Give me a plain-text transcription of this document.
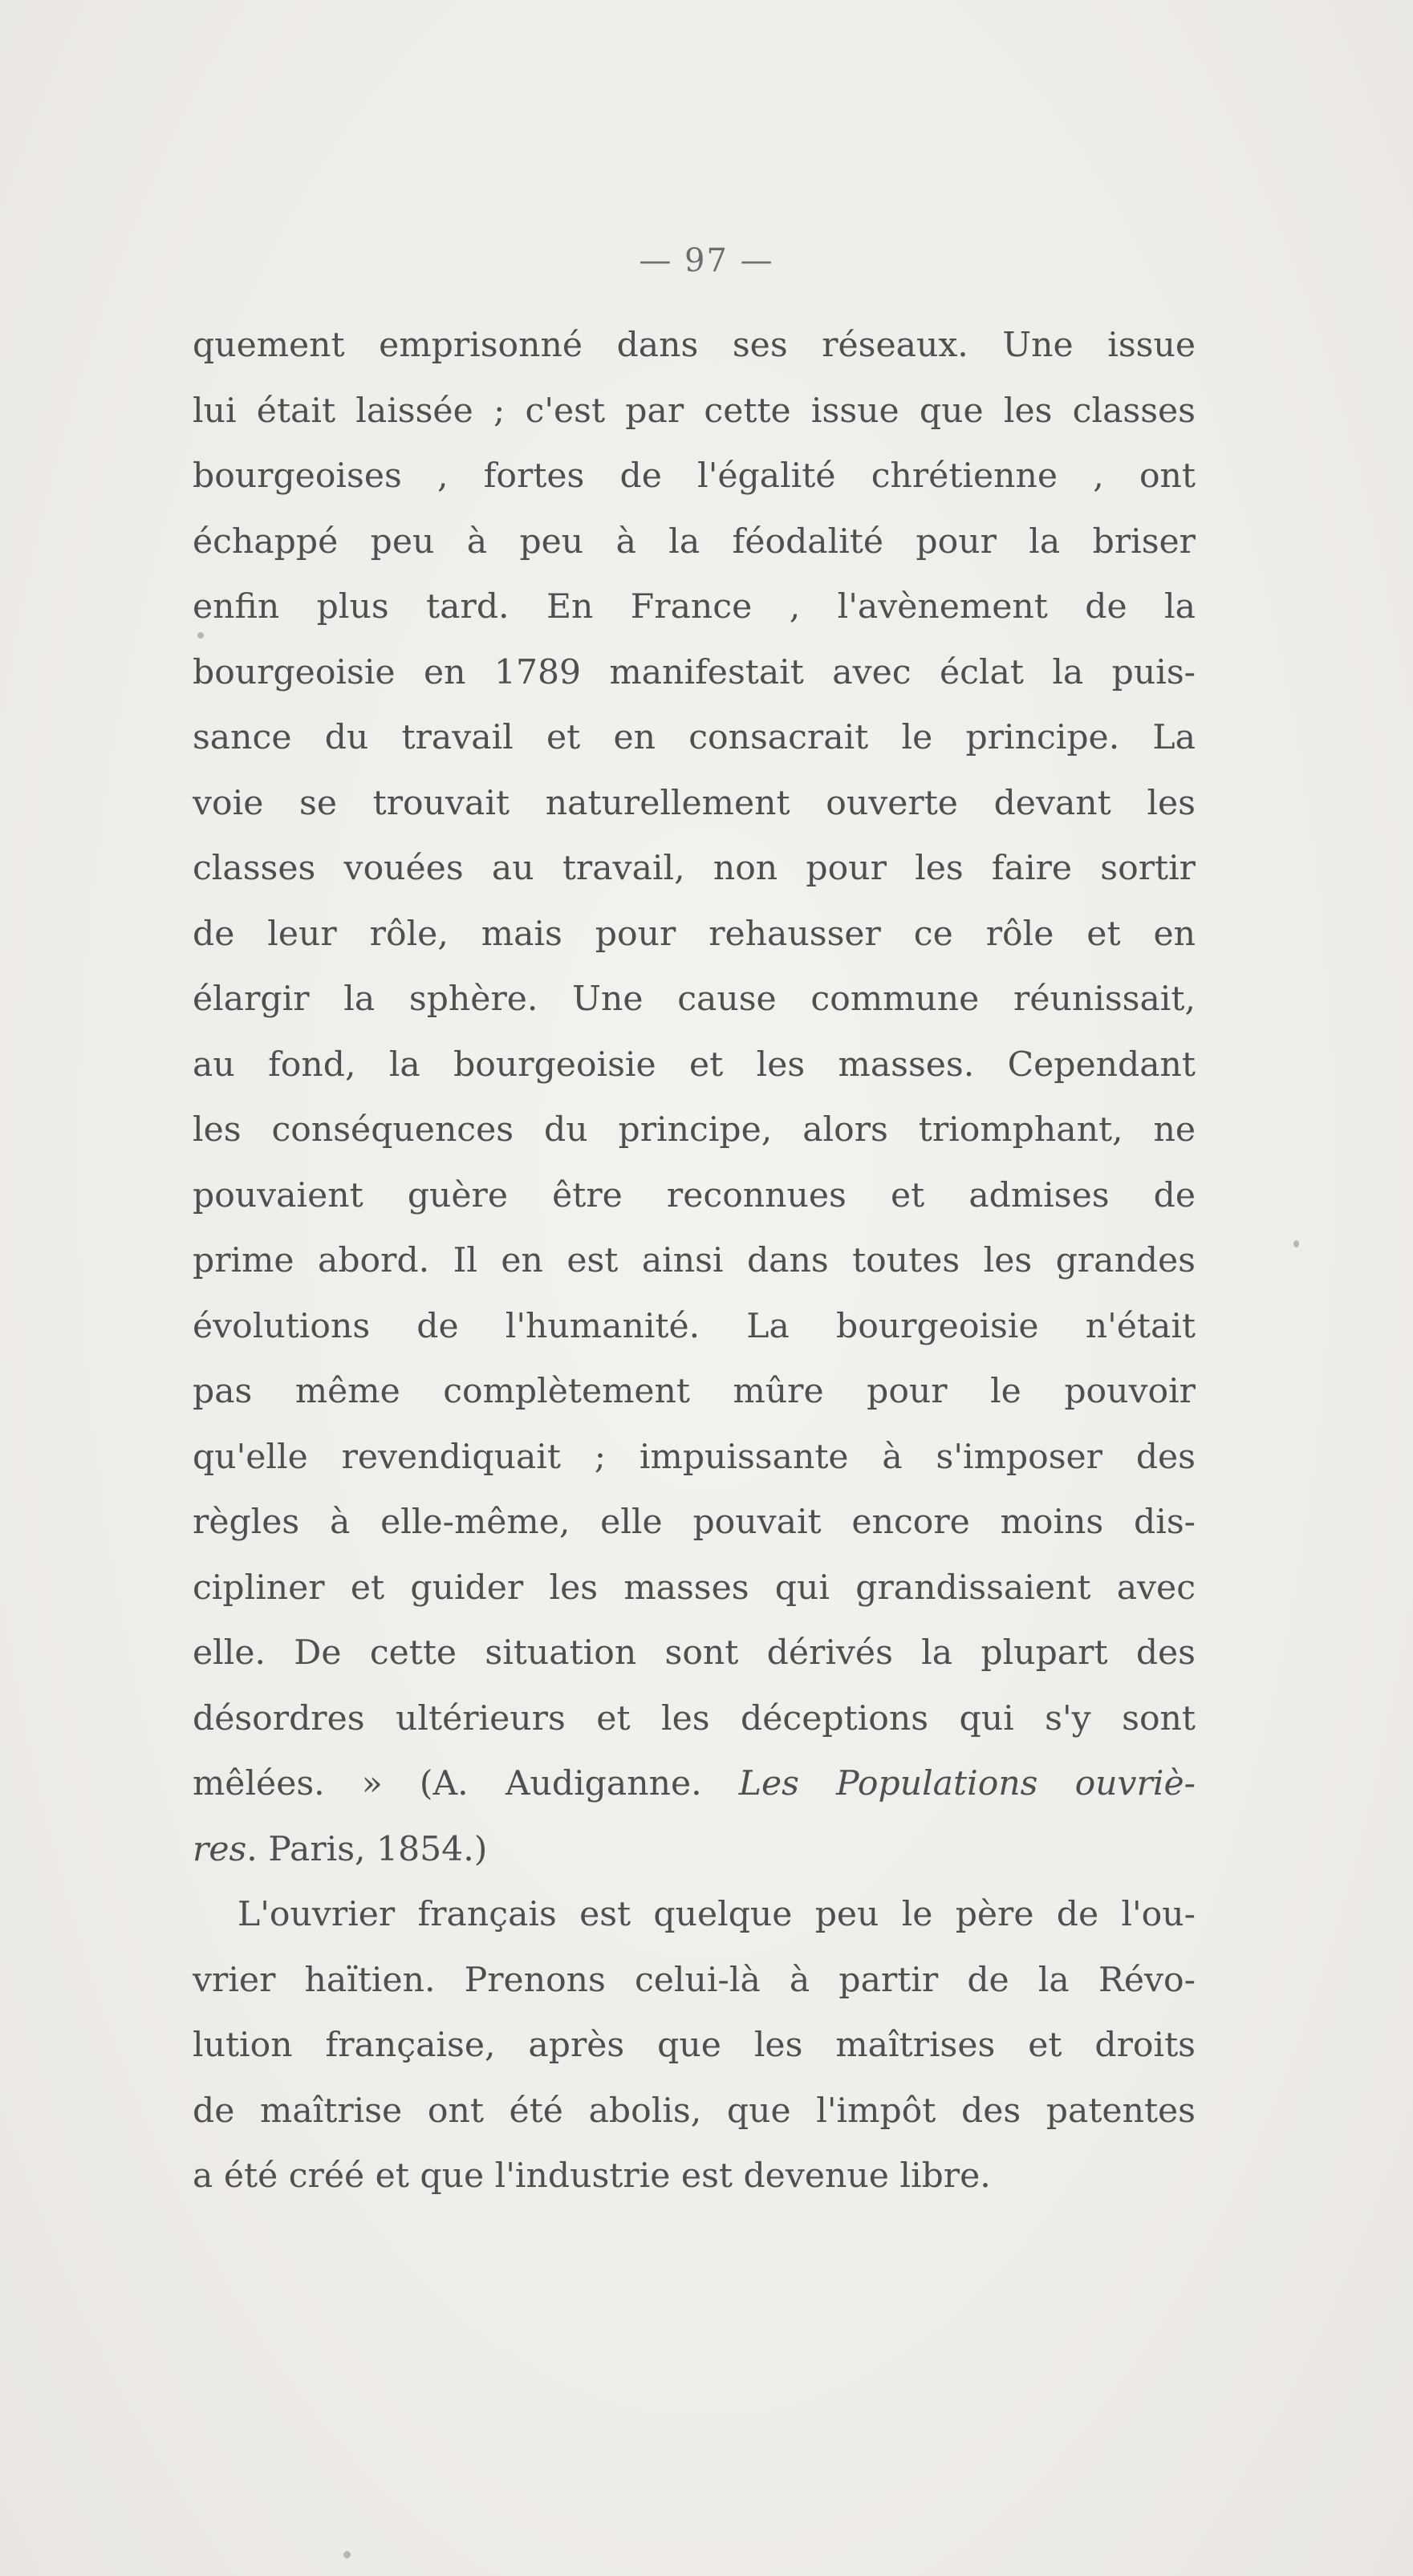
— 97 —
quement emprisonné dans ses réseaux. Une issue
lui était laissée ; c'est par cette issue que les classes
bourgeoises , fortes de l'égalité chrétienne , ont
échappé peu à peu à la féodalité pour la briser
enfin plus tard. En France , l'avènement de la
bourgeoisie en 1789 manifestait avec éclat la puis-
sance du travail et en consacrait le principe. La
voie se trouvait naturellement ouverte devant les
classes vouées au travail, non pour les faire sortir
de leur rôle, mais pour rehausser ce rôle et en
élargir la sphère. Une cause commune réunissait,
au fond, la bourgeoisie et les masses. Cependant
les conséquences du principe, alors triomphant, ne
pouvaient guère être reconnues et admises de
prime abord. Il en est ainsi dans toutes les grandes
évolutions de l'humanité. La bourgeoisie n'était
pas même complètement mûre pour le pouvoir
qu'elle revendiquait ; impuissante à s'imposer des
règles à elle-même, elle pouvait encore moins dis-
cipliner et guider les masses qui grandissaient avec
elle. De cette situation sont dérivés la plupart des
désordres ultérieurs et les déceptions qui s'y sont
mêlées. » (A. Audiganne. Les Populations ouvriè-
res. Paris, 1854.)
L'ouvrier français est quelque peu le père de l'ou-
vrier haïtien. Prenons celui-là à partir de la Révo-
lution française, après que les maîtrises et droits
de maîtrise ont été abolis, que l'impôt des patentes
a été créé et que l'industrie est devenue libre.
